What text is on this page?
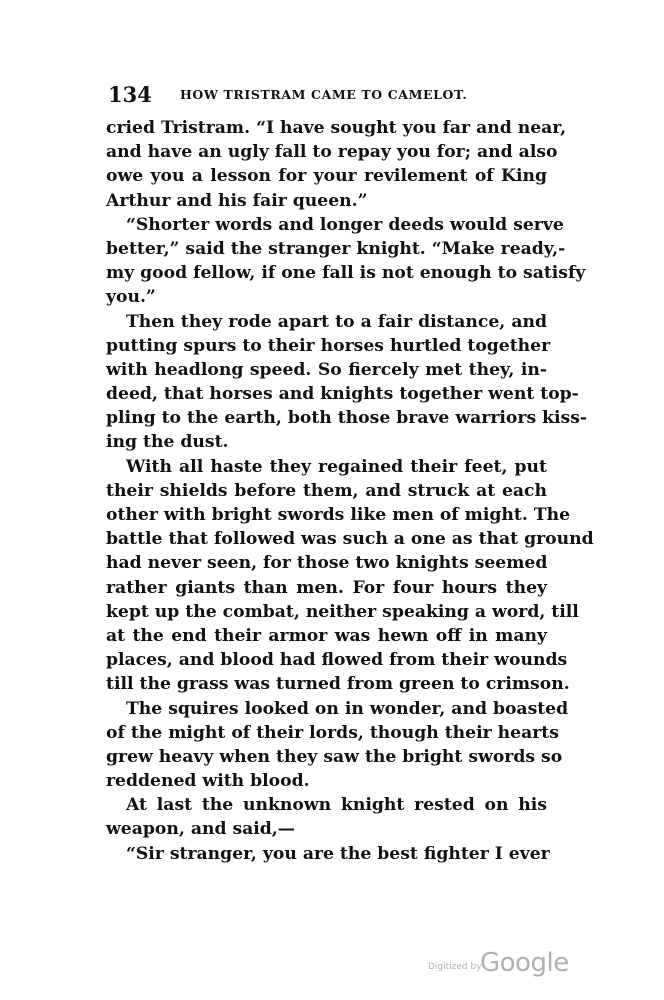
134 HOW TRISTRAM CAME TO CAMELOT.
cried Tristram. “I have sought you far and near,
and have an ugly fall to repay you for; and also
owe you a lesson for your revilement of King
Arthur and his fair queen.”
“Shorter words and longer deeds would serve
better,” said the stranger knight. “Make ready,-
my good fellow, if one fall is not enough to satisfy
you.”
Then they rode apart to a fair distance, and
putting spurs to their horses hurtled together
with headlong speed. So fiercely met they, in-
deed, that horses and knights together went top-
pling to the earth, both those brave warriors kiss-
ing the dust.
With all haste they regained their feet, put
their shields before them, and struck at each
other with bright swords like men of might. The
battle that followed was such a one as that ground
had never seen, for those two knights seemed
rather giants than men. For four hours they
kept up the combat, neither speaking a word, till
at the end their armor was hewn off in many
places, and blood had flowed from their wounds
till the grass was turned from green to crimson.
The squires looked on in wonder, and boasted
of the might of their lords, though their hearts
grew heavy when they saw the bright swords so
reddened with blood.
At last the unknown knight rested on his
weapon, and said,—
“Sir stranger, you are the best fighter I ever
Digitized by
Google
